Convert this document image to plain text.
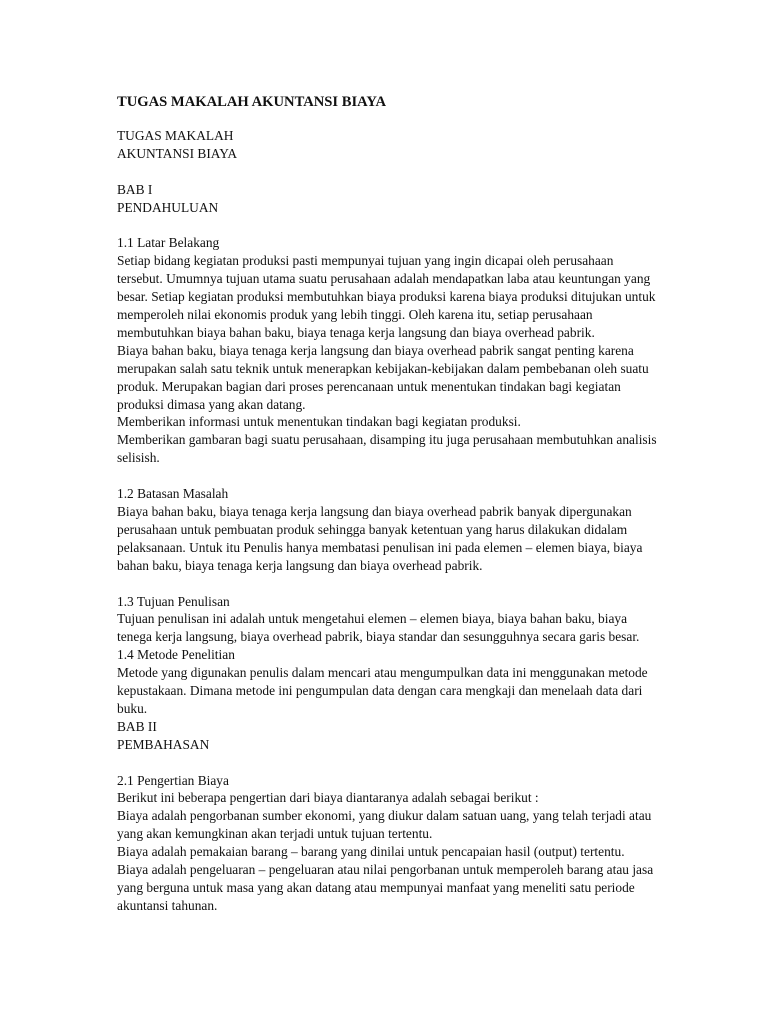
TUGAS MAKALAH AKUNTANSI BIAYA

TUGAS MAKALAH

AKUNTANSI BIAYA

BAB I

PENDAHULUAN

1.1 Latar Belakang

Setiap bidang kegiatan produksi pasti mempunyai tujuan yang ingin dicapai oleh perusahaan tersebut. Umumnya tujuan utama suatu perusahaan adalah mendapatkan laba atau keuntungan yang besar. Setiap kegiatan produksi membutuhkan biaya produksi karena biaya produksi ditujukan untuk memperoleh nilai ekonomis produk yang lebih tinggi. Oleh karena itu, setiap perusahaan membutuhkan biaya bahan baku, biaya tenaga kerja langsung dan biaya overhead pabrik.

Biaya bahan baku, biaya tenaga kerja langsung dan biaya overhead pabrik sangat penting karena merupakan salah satu teknik untuk menerapkan kebijakan-kebijakan dalam pembebanan oleh suatu produk. Merupakan bagian dari proses perencanaan untuk menentukan tindakan bagi kegiatan produksi dimasa yang akan datang.

Memberikan informasi untuk menentukan tindakan bagi kegiatan produksi.

Memberikan gambaran bagi suatu perusahaan, disamping itu juga perusahaan membutuhkan analisis selisish.

1.2 Batasan Masalah

Biaya bahan baku, biaya tenaga kerja langsung dan biaya overhead pabrik banyak dipergunakan perusahaan untuk pembuatan produk sehingga banyak ketentuan yang harus dilakukan didalam pelaksanaan. Untuk itu Penulis hanya membatasi penulisan ini pada elemen – elemen biaya, biaya bahan baku, biaya tenaga kerja langsung dan biaya overhead pabrik.

1.3 Tujuan Penulisan

Tujuan penulisan ini adalah untuk mengetahui elemen – elemen biaya, biaya bahan baku, biaya tenega kerja langsung, biaya overhead pabrik, biaya standar dan sesungguhnya secara garis besar.

1.4 Metode Penelitian

Metode yang digunakan penulis dalam mencari atau mengumpulkan data ini menggunakan metode kepustakaan. Dimana metode ini pengumpulan data dengan cara mengkaji dan menelaah data dari buku.

BAB II

PEMBAHASAN

2.1 Pengertian Biaya

Berikut ini beberapa pengertian dari biaya diantaranya adalah sebagai berikut :

Biaya adalah pengorbanan sumber ekonomi, yang diukur dalam satuan uang, yang telah terjadi atau yang akan kemungkinan akan terjadi untuk tujuan tertentu.

Biaya adalah pemakaian barang – barang yang dinilai untuk pencapaian hasil (output) tertentu.

Biaya adalah pengeluaran – pengeluaran atau nilai pengorbanan untuk memperoleh barang atau jasa yang berguna untuk masa yang akan datang atau mempunyai manfaat yang meneliti satu periode akuntansi tahunan.
